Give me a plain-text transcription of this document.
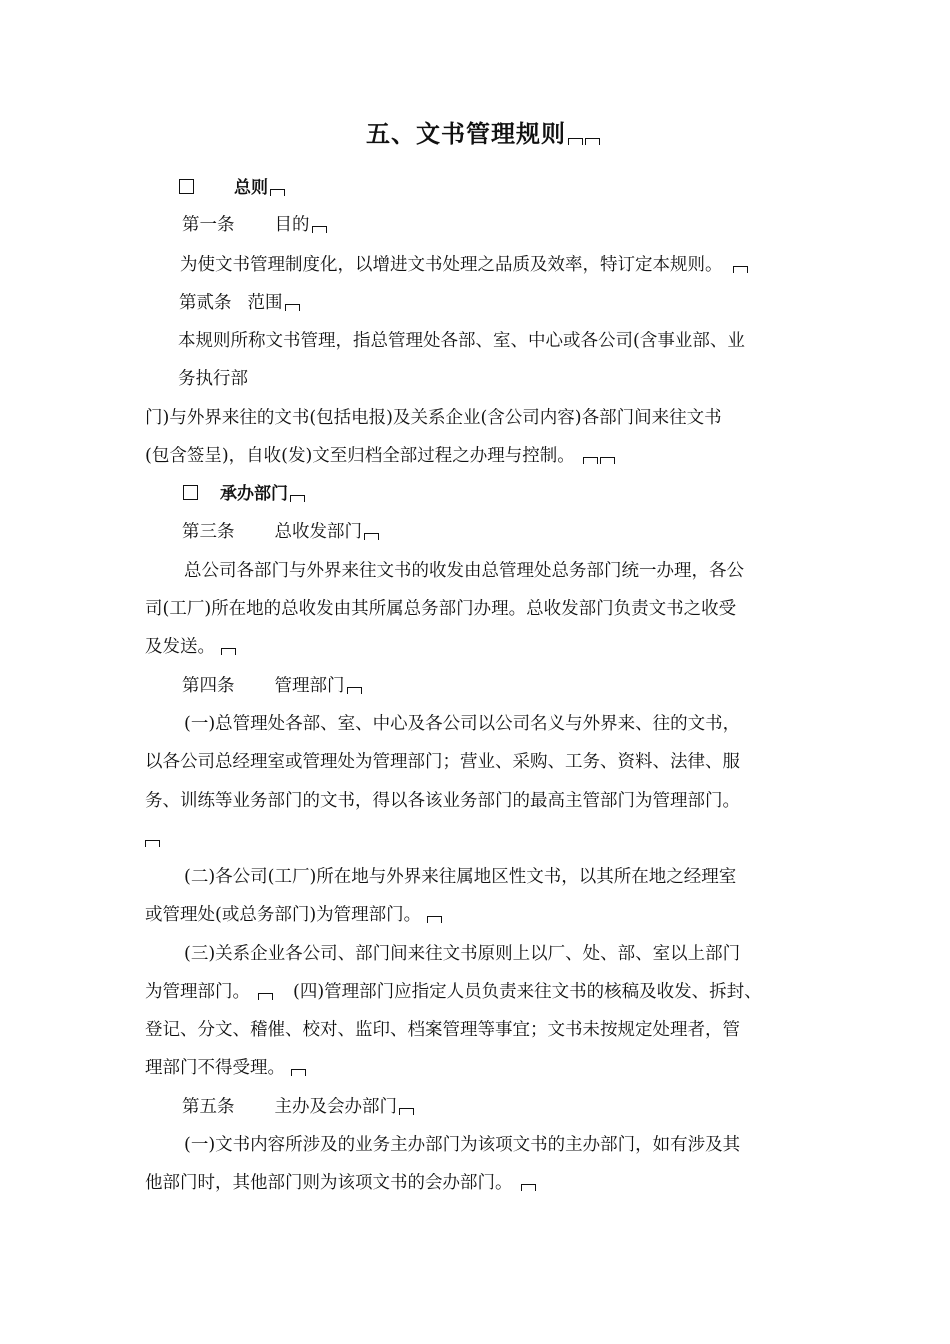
五、文书管理规则
总则
第一条 目的
为使文书管理制度化，以增进文书处理之品质及效率，特订定本规则。
第贰条 范围
本规则所称文书管理，指总管理处各部、室、中心或各公司(含事业部、业
务执行部
门)与外界来往的文书(包括电报)及关系企业(含公司内容)各部门间来往文书
(包含签呈)，自收(发)文至归档全部过程之办理与控制。
承办部门
第三条 总收发部门
总公司各部门与外界来往文书的收发由总管理处总务部门统一办理，各公
司(工厂)所在地的总收发由其所属总务部门办理。总收发部门负责文书之收受
及发送。
第四条 管理部门
(一)总管理处各部、室、中心及各公司以公司名义与外界来、往的文书，
以各公司总经理室或管理处为管理部门；营业、采购、工务、资料、法律、服
务、训练等业务部门的文书，得以各该业务部门的最高主管部门为管理部门。
(二)各公司(工厂)所在地与外界来往属地区性文书，以其所在地之经理室
或管理处(或总务部门)为管理部门。
(三)关系企业各公司、部门间来往文书原则上以厂、处、部、室以上部门
为管理部门。 (四)管理部门应指定人员负责来往文书的核稿及收发、拆封、
登记、分文、稽催、校对、监印、档案管理等事宜；文书未按规定处理者，管
理部门不得受理。
第五条 主办及会办部门
(一)文书内容所涉及的业务主办部门为该项文书的主办部门，如有涉及其
他部门时，其他部门则为该项文书的会办部门。
